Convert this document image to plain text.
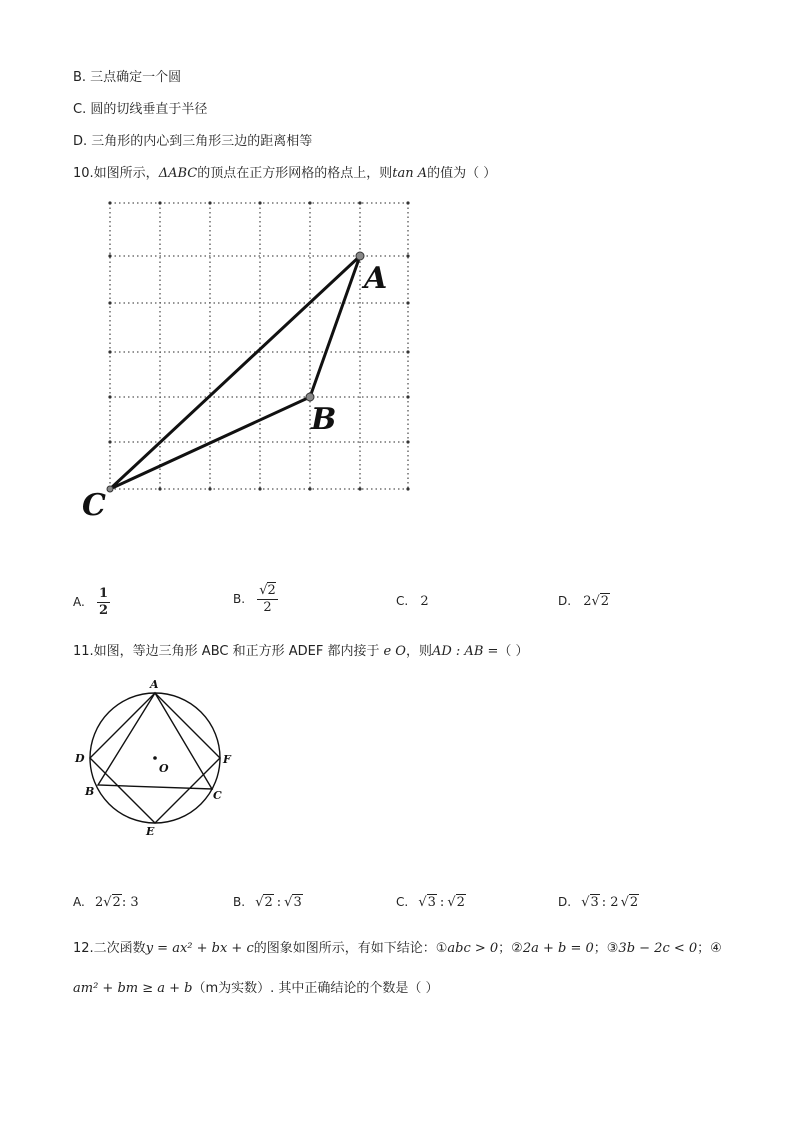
B. 三点确定一个圆
C. 圆的切线垂直于半径
D. 三角形的内心到三角形三边的距离相等
10.如图所示，ΔABC的顶点在正方形网格的格点上，则tan A的值为（ ）
A
B
C
A. $\frac{1}{2}$	B. $\frac{√2}{2}$	C. 2	D. 2√2
11.如图，等边三角形 ABC 和正方形 ADEF 都内接于 e O，则AD : AB =（ ）
A
D
O
F
B	C
E
A. 2√2: 3	B. √2 : √3	C. √3 : √2	D. √3 : 2 √2
12.二次函数y = ax² + bx + c的图象如图所示，有如下结论：①abc > 0；②2a + b = 0；③3b − 2c < 0；④
am² + bm ≥ a + b（m为实数）. 其中正确结论的个数是（ ）
